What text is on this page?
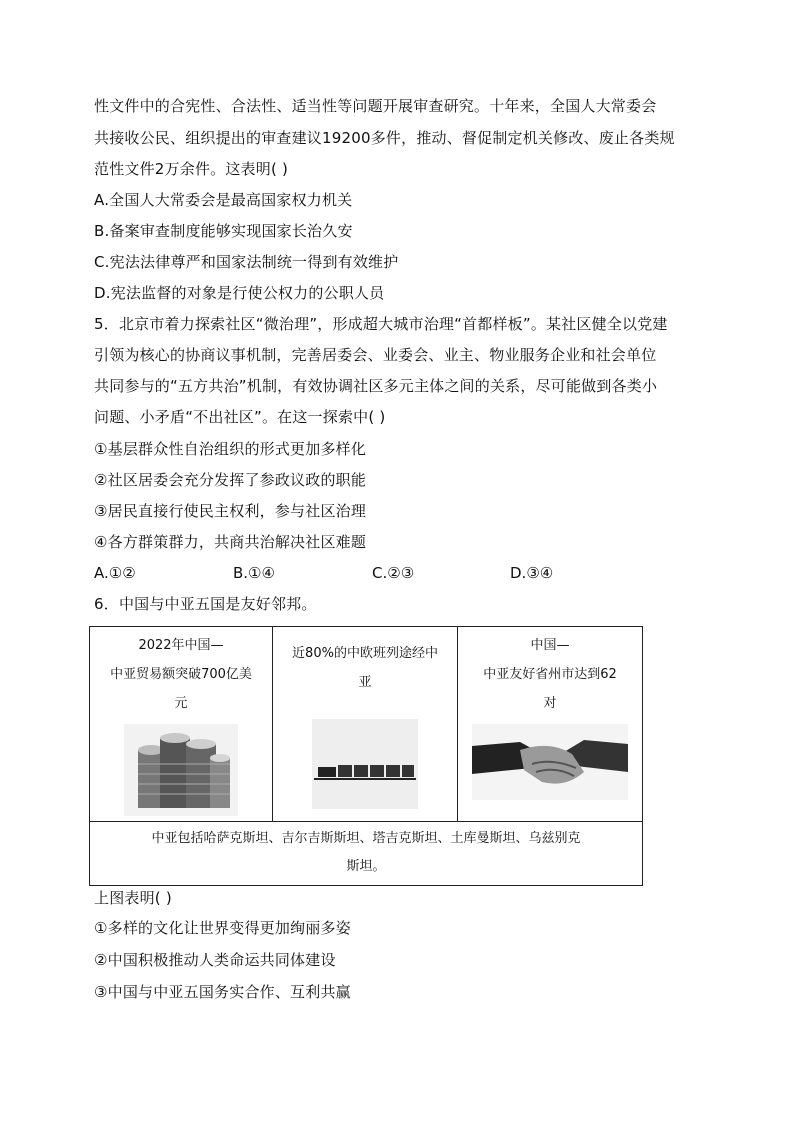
性文件中的合宪性、合法性、适当性等问题开展审查研究。十年来，全国人大常委会
共接收公民、组织提出的审查建议19200多件，推动、督促制定机关修改、废止各类规
范性文件2万余件。这表明( )
A.全国人大常委会是最高国家权力机关
B.备案审查制度能够实现国家长治久安
C.宪法法律尊严和国家法制统一得到有效维护
D.宪法监督的对象是行使公权力的公职人员
5．北京市着力探索社区“微治理”，形成超大城市治理“首都样板”。某社区健全以党建
引领为核心的协商议事机制，完善居委会、业委会、业主、物业服务企业和社会单位
共同参与的“五方共治”机制，有效协调社区多元主体之间的关系，尽可能做到各类小
问题、小矛盾“不出社区”。在这一探索中( )
①基层群众性自治组织的形式更加多样化
②社区居委会充分发挥了参政议政的职能
③居民直接行使民主权利，参与社区治理
④各方群策群力，共商共治解决社区难题
A.①②	B.①④	C.②③	D.③④
6．中国与中亚五国是友好邻邦。
2022年中国—
中亚贸易额突破700亿美
元

近80%的中欧班列途经中
亚

中国—
中亚友好省州市达到62
对

中亚包括哈萨克斯坦、吉尔吉斯斯坦、塔吉克斯坦、土库曼斯坦、乌兹别克
斯坦。
上图表明( )
①多样的文化让世界变得更加绚丽多姿
②中国积极推动人类命运共同体建设
③中国与中亚五国务实合作、互利共赢
